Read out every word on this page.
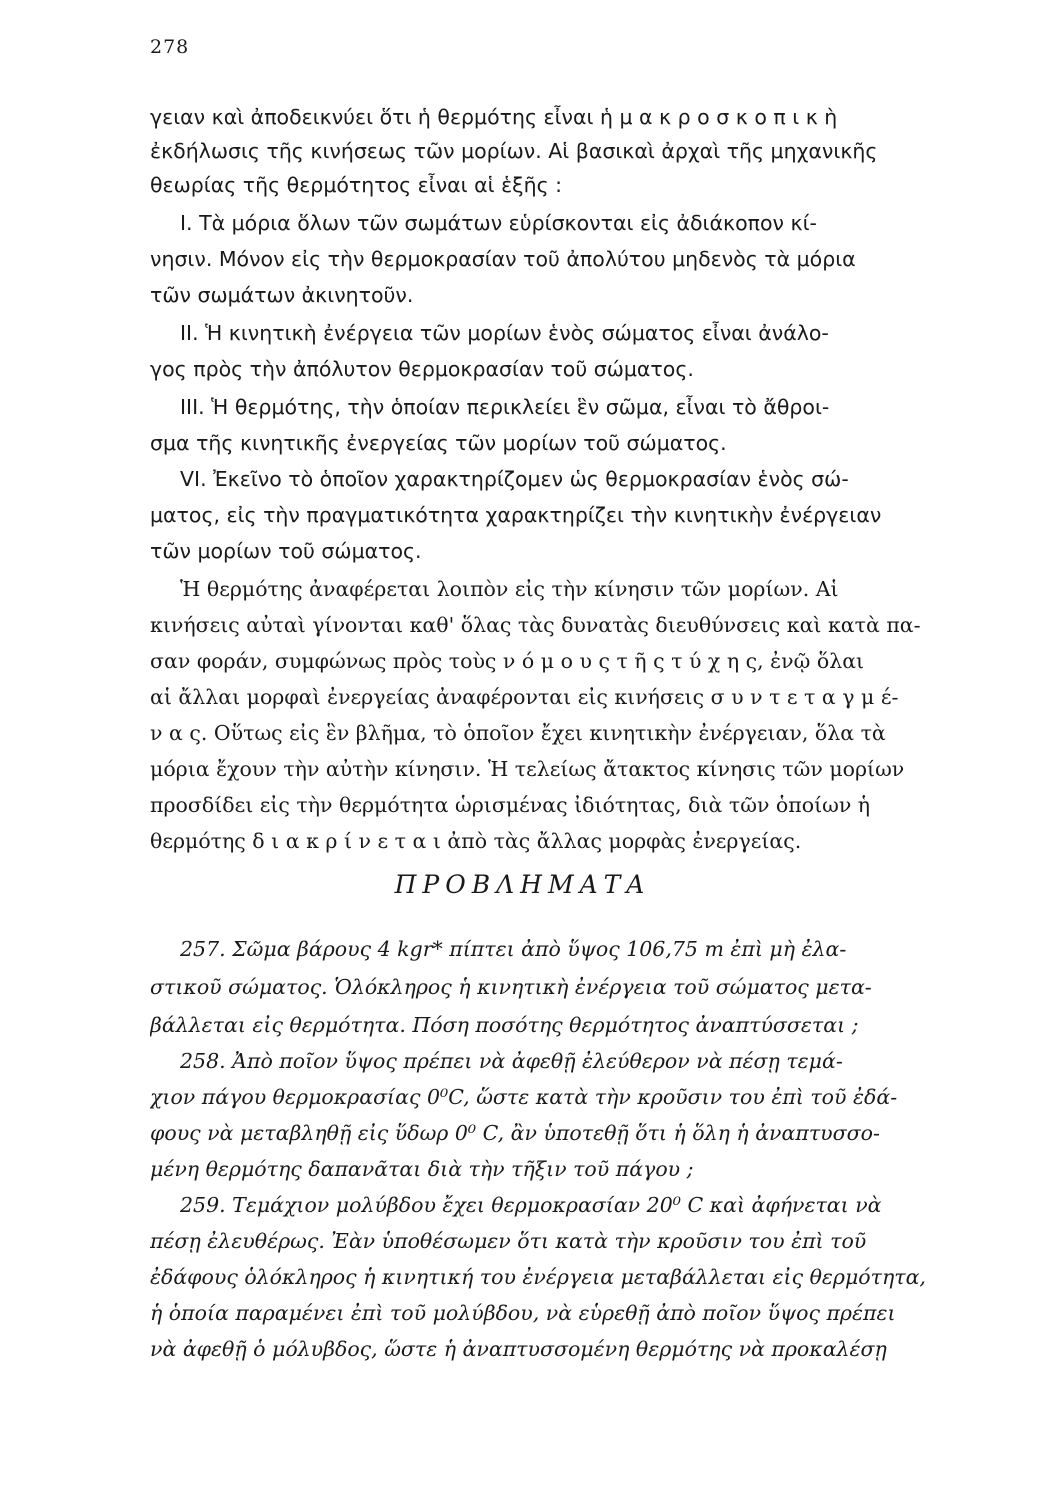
278
γειαν καὶ ἀποδεικνύει ὅτι ἡ θερμότης εἶναι ἡ μ α κ ρ ο σ κ ο π ι κ ὴ
ἐκδήλωσις τῆς κινήσεως τῶν μορίων. Αἱ βασικαὶ ἀρχαὶ τῆς μηχανικῆς
θεωρίας τῆς θερμότητος εἶναι αἱ ἑξῆς :
I. Τὰ μόρια ὅλων τῶν σωμάτων εὑρίσκονται εἰς ἀδιάκοπον κί-
νησιν. Μόνον εἰς τὴν θερμοκρασίαν τοῦ ἀπολύτου μηδενὸς τὰ μόρια
τῶν σωμάτων ἀκινητοῦν.
II. Ἡ κινητικὴ ἐνέργεια τῶν μορίων ἑνὸς σώματος εἶναι ἀνάλο-
γος πρὸς τὴν ἀπόλυτον θερμοκρασίαν τοῦ σώματος.
III. Ἡ θερμότης, τὴν ὁποίαν περικλείει ἓν σῶμα, εἶναι τὸ ἄθροι-
σμα τῆς κινητικῆς ἐνεργείας τῶν μορίων τοῦ σώματος.
VI. Ἐκεῖνο τὸ ὁποῖον χαρακτηρίζομεν ὡς θερμοκρασίαν ἑνὸς σώ-
ματος, εἰς τὴν πραγματικότητα χαρακτηρίζει τὴν κινητικὴν ἐνέργειαν
τῶν μορίων τοῦ σώματος.
Ἡ θερμότης ἀναφέρεται λοιπὸν εἰς τὴν κίνησιν τῶν μορίων. Αἱ
κινήσεις αὐταὶ γίνονται καθ' ὅλας τὰς δυνατὰς διευθύνσεις καὶ κατὰ πα-
σαν φοράν, συμφώνως πρὸς τοὺς ν ό μ ο υ ς τ ῆ ς τ ύ χ η ς, ἐνῷ ὅλαι
αἱ ἄλλαι μορφαὶ ἐνεργείας ἀναφέρονται εἰς κινήσεις σ υ ν τ ε τ α γ μ έ-
ν α ς. Οὕτως εἰς ἓν βλῆμα, τὸ ὁποῖον ἔχει κινητικὴν ἐνέργειαν, ὅλα τὰ
μόρια ἔχουν τὴν αὐτὴν κίνησιν. Ἡ τελείως ἄτακτος κίνησις τῶν μορίων
προσδίδει εἰς τὴν θερμότητα ὡρισμένας ἰδιότητας, διὰ τῶν ὁποίων ἡ
θερμότης δ ι α κ ρ ί ν ε τ α ι ἀπὸ τὰς ἄλλας μορφὰς ἐνεργείας.
ΠΡΟΒΛΗΜΑΤΑ
257. Σῶμα βάρους 4 kgr* πίπτει ἀπὸ ὕψος 106,75 m ἐπὶ μὴ ἐλα-
στικοῦ σώματος. Ὁλόκληρος ἡ κινητικὴ ἐνέργεια τοῦ σώματος μετα-
βάλλεται εἰς θερμότητα. Πόση ποσότης θερμότητος ἀναπτύσσεται ;
258. Ἀπὸ ποῖον ὕψος πρέπει νὰ ἀφεθῇ ἐλεύθερον νὰ πέσῃ τεμά-
χιον πάγου θερμοκρασίας 0⁰C, ὥστε κατὰ τὴν κροῦσιν του ἐπὶ τοῦ ἐδά-
φους νὰ μεταβληθῇ εἰς ὕδωρ 0⁰ C, ἂν ὑποτεθῇ ὅτι ἡ ὅλη ἡ ἀναπτυσσο-
μένη θερμότης δαπανᾶται διὰ τὴν τῆξιν τοῦ πάγου ;
259. Τεμάχιον μολύβδου ἔχει θερμοκρασίαν 20⁰ C καὶ ἀφήνεται νὰ
πέσῃ ἐλευθέρως. Ἐὰν ὑποθέσωμεν ὅτι κατὰ τὴν κροῦσιν του ἐπὶ τοῦ
ἐδάφους ὁλόκληρος ἡ κινητική του ἐνέργεια μεταβάλλεται εἰς θερμότητα,
ἡ ὁποία παραμένει ἐπὶ τοῦ μολύβδου, νὰ εὑρεθῇ ἀπὸ ποῖον ὕψος πρέπει
νὰ ἀφεθῇ ὁ μόλυβδος, ὥστε ἡ ἀναπτυσσομένη θερμότης νὰ προκαλέσῃ
